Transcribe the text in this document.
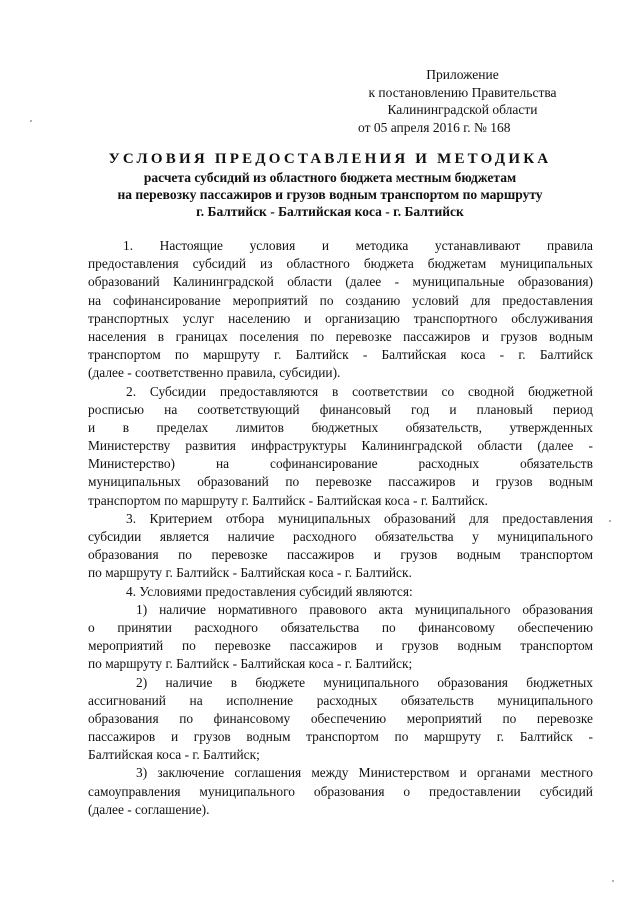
Приложение
к постановлению Правительства
Калининградской области
от 05 апреля 2016 г. № 168
УСЛОВИЯ ПРЕДОСТАВЛЕНИЯ И МЕТОДИКА
расчета субсидий из областного бюджета местным бюджетам
на перевозку пассажиров и грузов водным транспортом по маршруту
г. Балтийск - Балтийская коса - г. Балтийск
1. Настоящие условия и методика устанавливают правила
предоставления субсидий из областного бюджета бюджетам муниципальных
образований Калининградской области (далее - муниципальные образования)
на софинансирование мероприятий по созданию условий для предоставления
транспортных услуг населению и организацию транспортного обслуживания
населения в границах поселения по перевозке пассажиров и грузов водным
транспортом по маршруту г. Балтийск - Балтийская коса - г. Балтийск
(далее - соответственно правила, субсидии).
2. Субсидии предоставляются в соответствии со сводной бюджетной
росписью на соответствующий финансовый год и плановый период
и в пределах лимитов бюджетных обязательств, утвержденных
Министерству развития инфраструктуры Калининградской области (далее -
Министерство)	на	софинансирование	расходных	обязательств
муниципальных образований по перевозке пассажиров и грузов водным
транспортом по маршруту г. Балтийск - Балтийская коса - г. Балтийск.
3. Критерием отбора муниципальных образований для предоставления
субсидии является наличие расходного обязательства у муниципального
образования по перевозке пассажиров и грузов водным транспортом
по маршруту г. Балтийск - Балтийская коса - г. Балтийск.
4. Условиями предоставления субсидий являются:
1) наличие нормативного правового акта муниципального образования
о принятии расходного обязательства по финансовому обеспечению
мероприятий по перевозке пассажиров и грузов водным транспортом
по маршруту г. Балтийск - Балтийская коса - г. Балтийск;
2) наличие в бюджете муниципального образования бюджетных
ассигнований на исполнение расходных обязательств муниципального
образования по финансовому обеспечению мероприятий по перевозке
пассажиров и грузов водным транспортом по маршруту г. Балтийск -
Балтийская коса - г. Балтийск;
3) заключение соглашения между Министерством и органами местного
самоуправления муниципального образования о предоставлении субсидий
(далее - соглашение).
